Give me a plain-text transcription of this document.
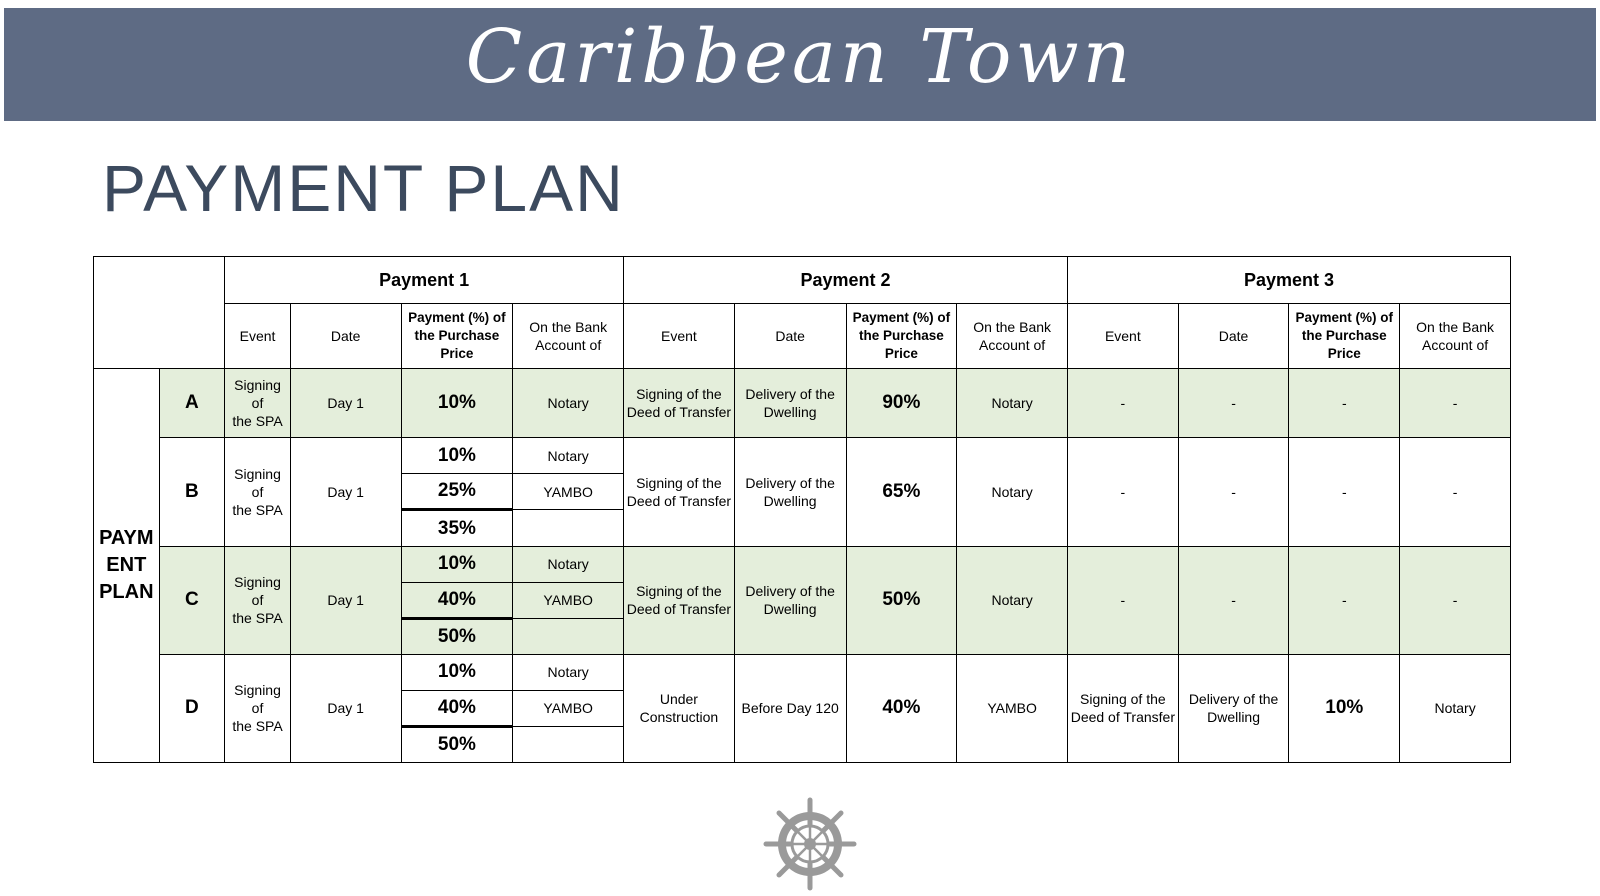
Caribbean Town
PAYMENT PLAN
		Payment 1				Payment 2				Payment 3			
		Event	Date	Payment (%) of
the Purchase
Price	On the Bank
Account of	Event	Date	Payment (%) of
the Purchase
Price	On the Bank
Account of	Event	Date	Payment (%) of
the Purchase
Price	On the Bank
Account of

PAYM
ENT
PLAN	A	Signing of
the SPA	Day 1	10%	Notary	Signing of the
Deed of Transfer	Delivery of the
Dwelling	90%	Notary	-	-	-	-
	B	Signing of
the SPA	Day 1	10%	Notary	Signing of the
Deed of Transfer	Delivery of the
Dwelling	65%	Notary	-	-	-	-
				25%	YAMBO								
				35%									
	C	Signing of
the SPA	Day 1	10%	Notary	Signing of the
Deed of Transfer	Delivery of the
Dwelling	50%	Notary	-	-	-	-
				40%	YAMBO								
				50%									
	D	Signing of
the SPA	Day 1	10%	Notary	Under
Construction	Before Day 120	40%	YAMBO	Signing of the
Deed of Transfer	Delivery of the
Dwelling	10%	Notary
				40%	YAMBO								
				50%									
